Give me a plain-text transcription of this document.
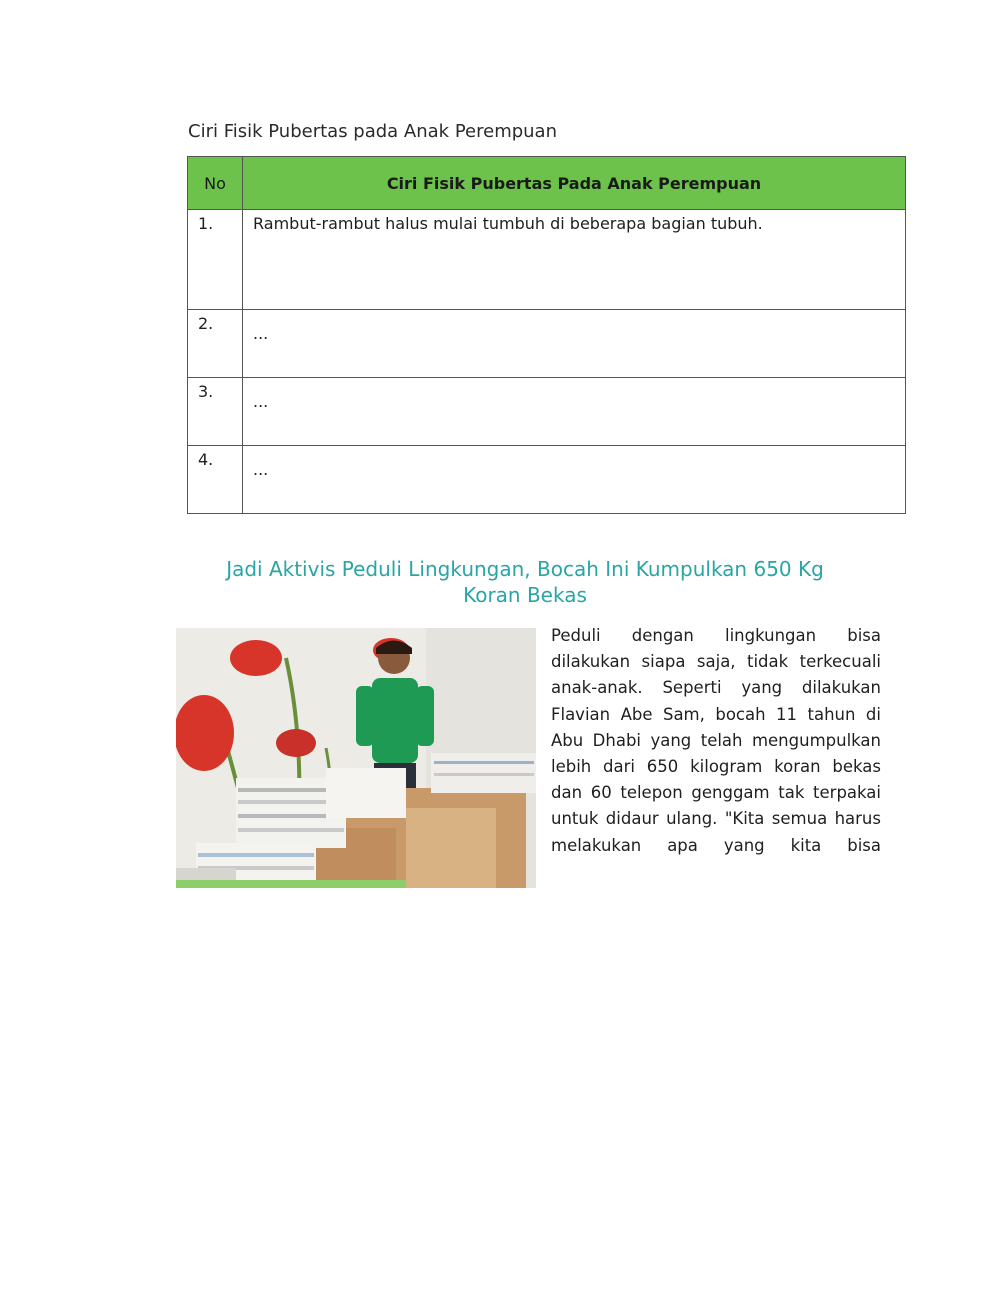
Ciri Fisik Pubertas pada Anak Perempuan
No	Ciri Fisik Pubertas Pada Anak Perempuan
1.	Rambut-rambut halus mulai tumbuh di beberapa bagian tubuh.
2.	...
3.	...
4.	...
Jadi Aktivis Peduli Lingkungan, Bocah Ini Kumpulkan 650 Kg
Koran Bekas
Peduli dengan lingkungan bisa dilakukan siapa saja, tidak terkecuali anak-anak. Seperti yang dilakukan Flavian Abe Sam, bocah 11 tahun di Abu Dhabi yang telah mengumpulkan lebih dari 650 kilogram koran bekas dan 60 telepon genggam tak terpakai untuk didaur ulang. "Kita semua harus melakukan apa yang kita bisa
